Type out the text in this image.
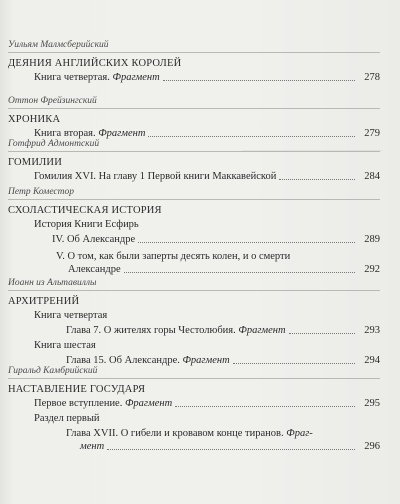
Уильям Малмсберийский
ДЕЯНИЯ АНГЛИЙСКИХ КОРОЛЕЙ
Книга четвертая. Фрагмент	278
Оттон Фрейзингский
ХРОНИКА
Книга вторая. Фрагмент	279
Готфрид Адмонтский
ГОМИЛИИ
Гомилия XVI. На главу 1 Первой книги Маккавейской	284
Петр Коместор
СХОЛАСТИЧЕСКАЯ ИСТОРИЯ
История Книги Есфирь
IV. Об Александре	289
V. О том, как были заперты десять колен, и о смерти
Александре	292
Иоанн из Альтавиллы
АРХИТРЕНИЙ
Книга четвертая
Глава 7. О жителях горы Честолюбия. Фрагмент	293
Книга шестая
Глава 15. Об Александре. Фрагмент	294
Гиральд Камбрийский
НАСТАВЛЕНИЕ ГОСУДАРЯ
Первое вступление. Фрагмент	295
Раздел первый
Глава XVII. О гибели и кровавом конце тиранов. Фраг-
мент	296
